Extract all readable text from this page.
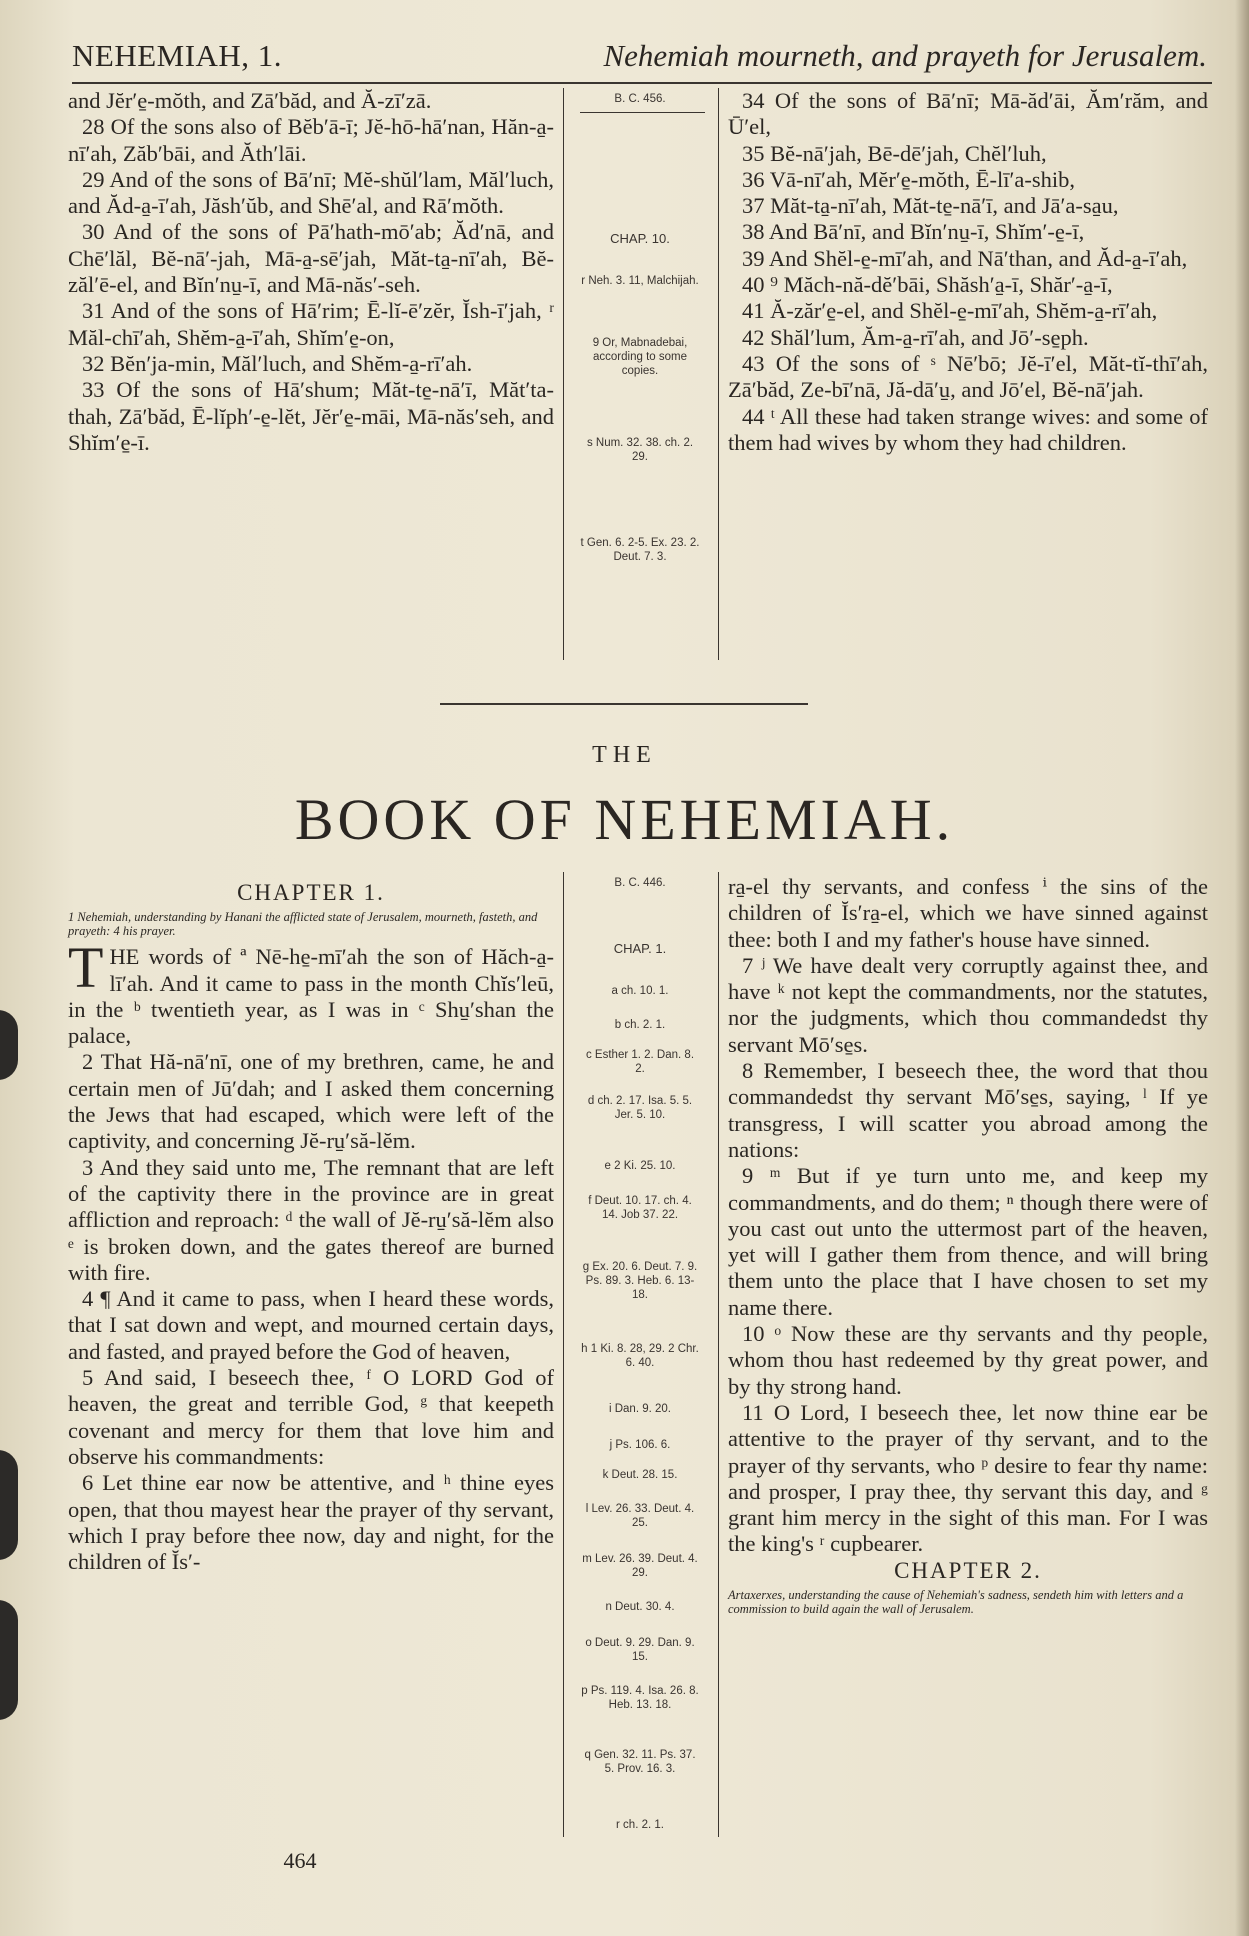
NEHEMIAH, 1.	Nehemiah mourneth, and prayeth for Jerusalem.

and Jĕr′e̱-mŏth, and Zā′băd, and Ă-zī′zā.

28 Of the sons also of Bĕb′ā-ī; Jĕ-hō-hā′nan, Hăn-a̱-nī′ah, Zăb′bāi, and Ăth′lāi.

29 And of the sons of Bā′nī; Mĕ-shŭl′lam, Măl′luch, and Ăd-a̱-ī′ah, Jăsh′ŭb, and Shē′al, and Rā′mŏth.

30 And of the sons of Pā′hath-mō′ab; Ăd′nā, and Chē′lăl, Bĕ-nā′-jah, Mā-a̱-sē′jah, Măt-ta̱-nī′ah, Bĕ-zăl′ē-el, and Bĭn′nu̱-ī, and Mā-năs′-seh.

31 And of the sons of Hā′rim; Ē-lĭ-ē′zĕr, Ĭsh-ī′jah, ʳ Măl-chī′ah, Shĕm-a̱-ī′ah, Shĭm′e̱-on,

32 Bĕn′ja-min, Măl′luch, and Shĕm-a̱-rī′ah.

33 Of the sons of Hā′shum; Măt-te̱-nā′ī, Măt′ta-thah, Zā′băd, Ē-lĭph′-e̱-lĕt, Jĕr′e̱-māi, Mā-năs′seh, and Shĭm′e̱-ī.

B. C. 456.
CHAP. 10.
r Neh. 3. 11, Malchijah.
9 Or, Mabnadebai, according to some copies.
s Num. 32. 38. ch. 2. 29.
t Gen. 6. 2-5. Ex. 23. 2. Deut. 7. 3.

34 Of the sons of Bā′nī; Mā-ăd′āi, Ăm′răm, and Ū′el,

35 Bĕ-nā′jah, Bē-dē′jah, Chĕl′luh,

36 Vā-nī′ah, Mĕr′e̱-mŏth, Ē-lī′a-shib,

37 Măt-ta̱-nī′ah, Măt-te̱-nā′ī, and Jā′a-sa̱u,

38 And Bā′nī, and Bĭn′nu̱-ī, Shĭm′-e̱-ī,

39 And Shĕl-e̱-mī′ah, and Nā′than, and Ăd-a̱-ī′ah,

40 ⁹ Măch-nă-dĕ′bāi, Shăsh′a̱-ī, Shăr′-a̱-ī,

41 Ă-zăr′e̱-el, and Shĕl-e̱-mī′ah, Shĕm-a̱-rī′ah,

42 Shăl′lum, Ăm-a̱-rī′ah, and Jō′-se̱ph.

43 Of the sons of ˢ Nē′bō; Jĕ-ī′el, Măt-tĭ-thī′ah, Zā′băd, Ze-bī′nā, Jă-dā′u̱, and Jō′el, Bĕ-nā′jah.

44 ᵗ All these had taken strange wives: and some of them had wives by whom they had children.

THE
BOOK OF NEHEMIAH.
CHAPTER 1.
1 Nehemiah, understanding by Hanani the afflicted state of Jerusalem, mourneth, fasteth, and prayeth: 4 his prayer.

THE words of ª Nē-he̱-mī′ah the son of Hăch-a̱-lī′ah. And it came to pass in the month Chĭs′leū, in the ᵇ twentieth year, as I was in ᶜ Shu̱′shan the palace,

2 That Hă-nā′nī, one of my brethren, came, he and certain men of Jū′dah; and I asked them concerning the Jews that had escaped, which were left of the captivity, and concerning Jĕ-ru̱′să-lĕm.

3 And they said unto me, The remnant that are left of the captivity there in the province are in great affliction and reproach: ᵈ the wall of Jĕ-ru̱′să-lĕm also ᵉ is broken down, and the gates thereof are burned with fire.

4 ¶ And it came to pass, when I heard these words, that I sat down and wept, and mourned certain days, and fasted, and prayed before the God of heaven,

5 And said, I beseech thee, ᶠ O LORD God of heaven, the great and terrible God, ᵍ that keepeth covenant and mercy for them that love him and observe his commandments:

6 Let thine ear now be attentive, and ʰ thine eyes open, that thou mayest hear the prayer of thy servant, which I pray before thee now, day and night, for the children of Ĭs′-

B. C. 446.
CHAP. 1.
a ch. 10. 1.
b ch. 2. 1.
c Esther 1. 2. Dan. 8. 2.
d ch. 2. 17. Isa. 5. 5. Jer. 5. 10.
e 2 Ki. 25. 10.
f Deut. 10. 17. ch. 4. 14. Job 37. 22.
g Ex. 20. 6. Deut. 7. 9. Ps. 89. 3. Heb. 6. 13-18.
h 1 Ki. 8. 28, 29. 2 Chr. 6. 40.
i Dan. 9. 20.
j Ps. 106. 6.
k Deut. 28. 15.
l Lev. 26. 33. Deut. 4. 25.
m Lev. 26. 39. Deut. 4. 29.
n Deut. 30. 4.
o Deut. 9. 29. Dan. 9. 15.
p Ps. 119. 4. Isa. 26. 8. Heb. 13. 18.
q Gen. 32. 11. Ps. 37. 5. Prov. 16. 3.
r ch. 2. 1.

ra̱-el thy servants, and confess ⁱ the sins of the children of Ĭs′ra̱-el, which we have sinned against thee: both I and my father's house have sinned.

7 ʲ We have dealt very corruptly against thee, and have ᵏ not kept the commandments, nor the statutes, nor the judgments, which thou commandedst thy servant Mō′se̱s.

8 Remember, I beseech thee, the word that thou commandedst thy servant Mō′se̱s, saying, ˡ If ye transgress, I will scatter you abroad among the nations:

9 ᵐ But if ye turn unto me, and keep my commandments, and do them; ⁿ though there were of you cast out unto the uttermost part of the heaven, yet will I gather them from thence, and will bring them unto the place that I have chosen to set my name there.

10 ᵒ Now these are thy servants and thy people, whom thou hast redeemed by thy great power, and by thy strong hand.

11 O Lord, I beseech thee, let now thine ear be attentive to the prayer of thy servant, and to the prayer of thy servants, who ᵖ desire to fear thy name: and prosper, I pray thee, thy servant this day, and ᵍ grant him mercy in the sight of this man. For I was the king's ʳ cupbearer.

CHAPTER 2.
Artaxerxes, understanding the cause of Nehemiah's sadness, sendeth him with letters and a commission to build again the wall of Jerusalem.
464
